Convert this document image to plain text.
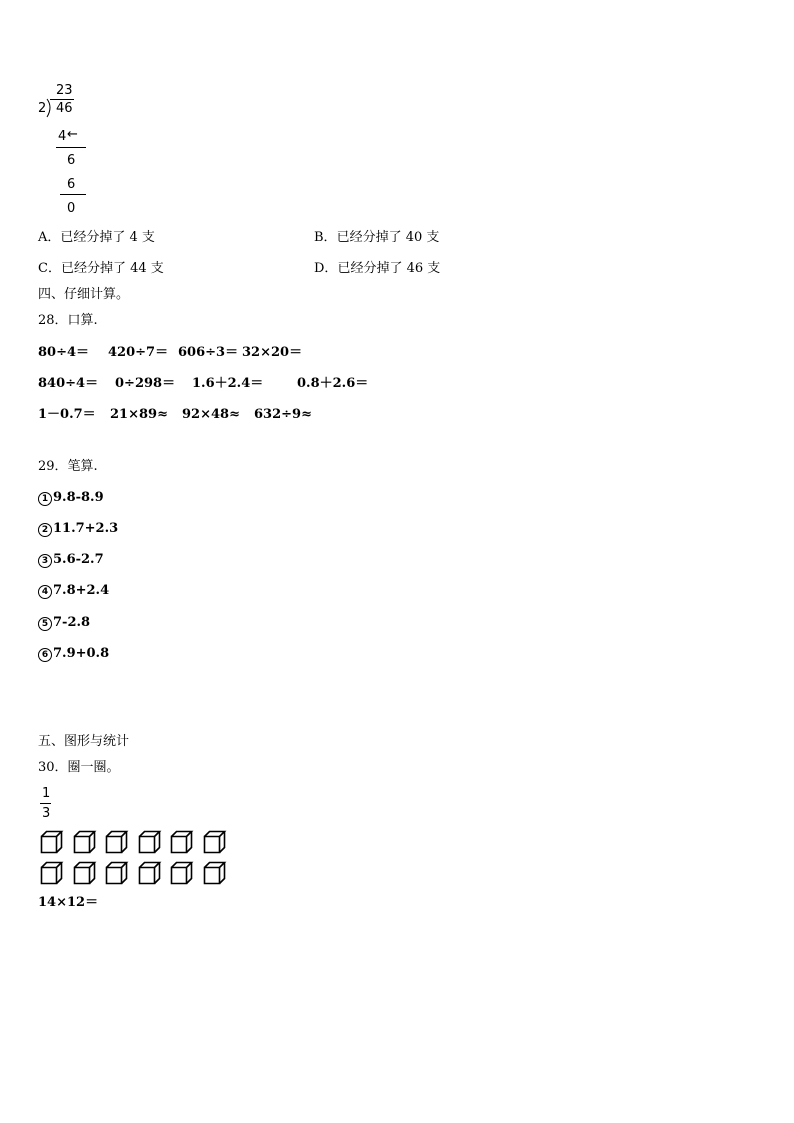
23
2 46
4 ←
6
6
0
A．已经分掉了 4 支	B．已经分掉了 40 支
C．已经分掉了 44 支	D．已经分掉了 46 支
四、仔细计算。
28．口算.
80÷4＝ 420÷7＝ 606÷3＝ 32×20＝
840÷4＝ 0÷298＝ 1.6＋2.4＝	0.8＋2.6＝
1－0.7＝ 21×89≈ 92×48≈ 632÷9≈
29．笔算.
1 9.8-8.9
2 11.7+2.3
3 5.6-2.7
4 7.8+2.4
5 7-2.8
6 7.9+0.8
五、图形与统计
30．圈一圈。
1
3
14×12＝
